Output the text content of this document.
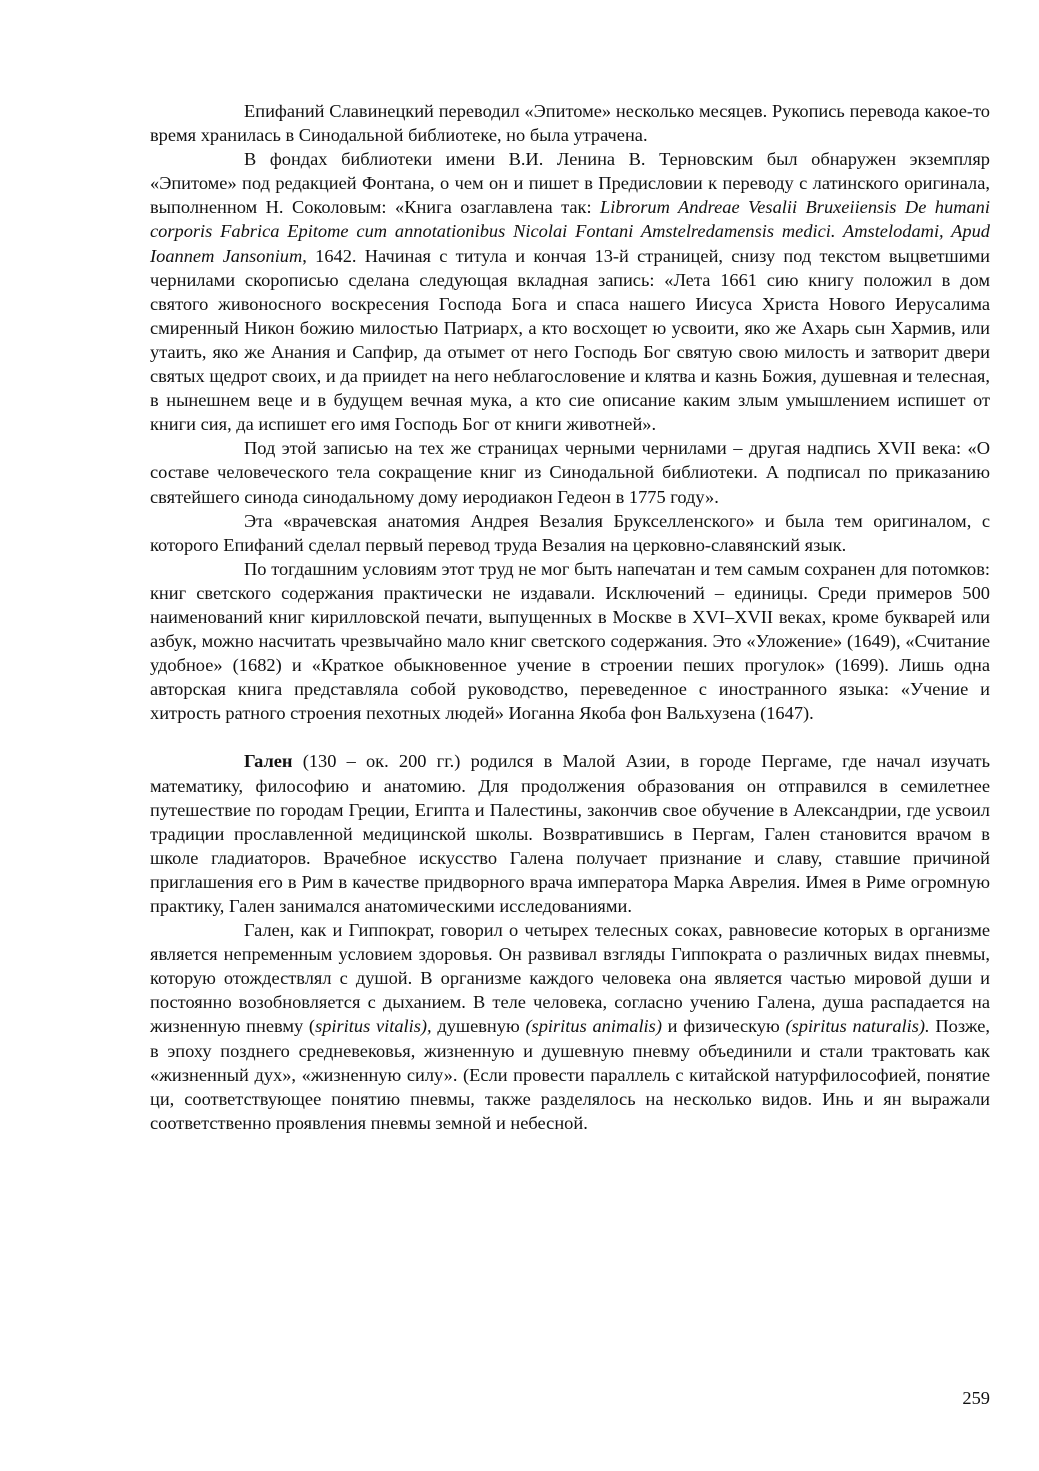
Епифаний Славинецкий переводил «Эпитоме» несколько месяцев. Рукопись перевода какое-то время хранилась в Синодальной библиотеке, но была утрачена.

В фондах библиотеки имени В.И. Ленина В. Терновским был обнаружен экземпляр «Эпитоме» под редакцией Фонтана, о чем он и пишет в Предисловии к переводу с латинского оригинала, выполненном Н. Соколовым: «Книга озаглавлена так: Librorum Andreae Vesalii Bruxeiiensis De humani corporis Fabrica Epitome cum annotationibus Nicolai Fontani Amstelredamensis medici. Amstelodami, Apud Ioannem Jansonium, 1642. Начиная с титула и кончая 13-й страницей, снизу под текстом выцветшими чернилами скорописью сделана следующая вкладная запись: «Лета 1661 сию книгу положил в дом святого живоносного воскресения Господа Бога и спаса нашего Иисуса Христа Нового Иерусалима смиренный Никон божию милостью Патриарх, а кто восхощет ю усвоити, яко же Ахарь сын Хармив, или утаить, яко же Анания и Сапфир, да отымет от него Господь Бог святую свою милость и затворит двери святых щедрот своих, и да приидет на него неблагословение и клятва и казнь Божия, душевная и телесная, в нынешнем веце и в будущем вечная мука, а кто сие описание каким злым умышлением испишет от книги сия, да испишет его имя Господь Бог от книги животней».

Под этой записью на тех же страницах черными чернилами – другая надпись XVII века: «О составе человеческого тела сокращение книг из Синодальной библиотеки. А подписал по приказанию святейшего синода синодальному дому иеродиакон Гедеон в 1775 году».

Эта «врачевская анатомия Андрея Везалия Брукселленского» и была тем оригиналом, с которого Епифаний сделал первый перевод труда Везалия на церковно-славянский язык.

По тогдашним условиям этот труд не мог быть напечатан и тем самым сохранен для потомков: книг светского содержания практически не издавали. Исключений – единицы. Среди примеров 500 наименований книг кирилловской печати, выпущенных в Москве в XVI–XVII веках, кроме букварей или азбук, можно насчитать чрезвычайно мало книг светского содержания. Это «Уложение» (1649), «Считание удобное» (1682) и «Краткое обыкновенное учение в строении пеших прогулок» (1699). Лишь одна авторская книга представляла собой руководство, переведенное с иностранного языка: «Учение и хитрость ратного строения пехотных людей» Иоганна Якоба фон Вальхузена (1647).

Гален (130 – ок. 200 гг.) родился в Малой Азии, в городе Пергаме, где начал изучать математику, философию и анатомию. Для продолжения образования он отправился в семилетнее путешествие по городам Греции, Египта и Палестины, закончив свое обучение в Александрии, где усвоил традиции прославленной медицинской школы. Возвратившись в Пергам, Гален становится врачом в школе гладиаторов. Врачебное искусство Галена получает признание и славу, ставшие причиной приглашения его в Рим в качестве придворного врача императора Марка Аврелия. Имея в Риме огромную практику, Гален занимался анатомическими исследованиями.

Гален, как и Гиппократ, говорил о четырех телесных соках, равновесие которых в организме является непременным условием здоровья. Он развивал взгляды Гиппократа о различных видах пневмы, которую отождествлял с душой. В организме каждого человека она является частью мировой души и постоянно возобновляется с дыханием. В теле человека, согласно учению Галена, душа распадается на жизненную пневму (spiritus vitalis), душевную (spiritus animalis) и физическую (spiritus naturalis). Позже, в эпоху позднего средневековья, жизненную и душевную пневму объединили и стали трактовать как «жизненный дух», «жизненную силу». (Если провести параллель с китайской натурфилософией, понятие ци, соответствующее понятию пневмы, также разделялось на несколько видов. Инь и ян выражали соответственно проявления пневмы земной и небесной.

259
